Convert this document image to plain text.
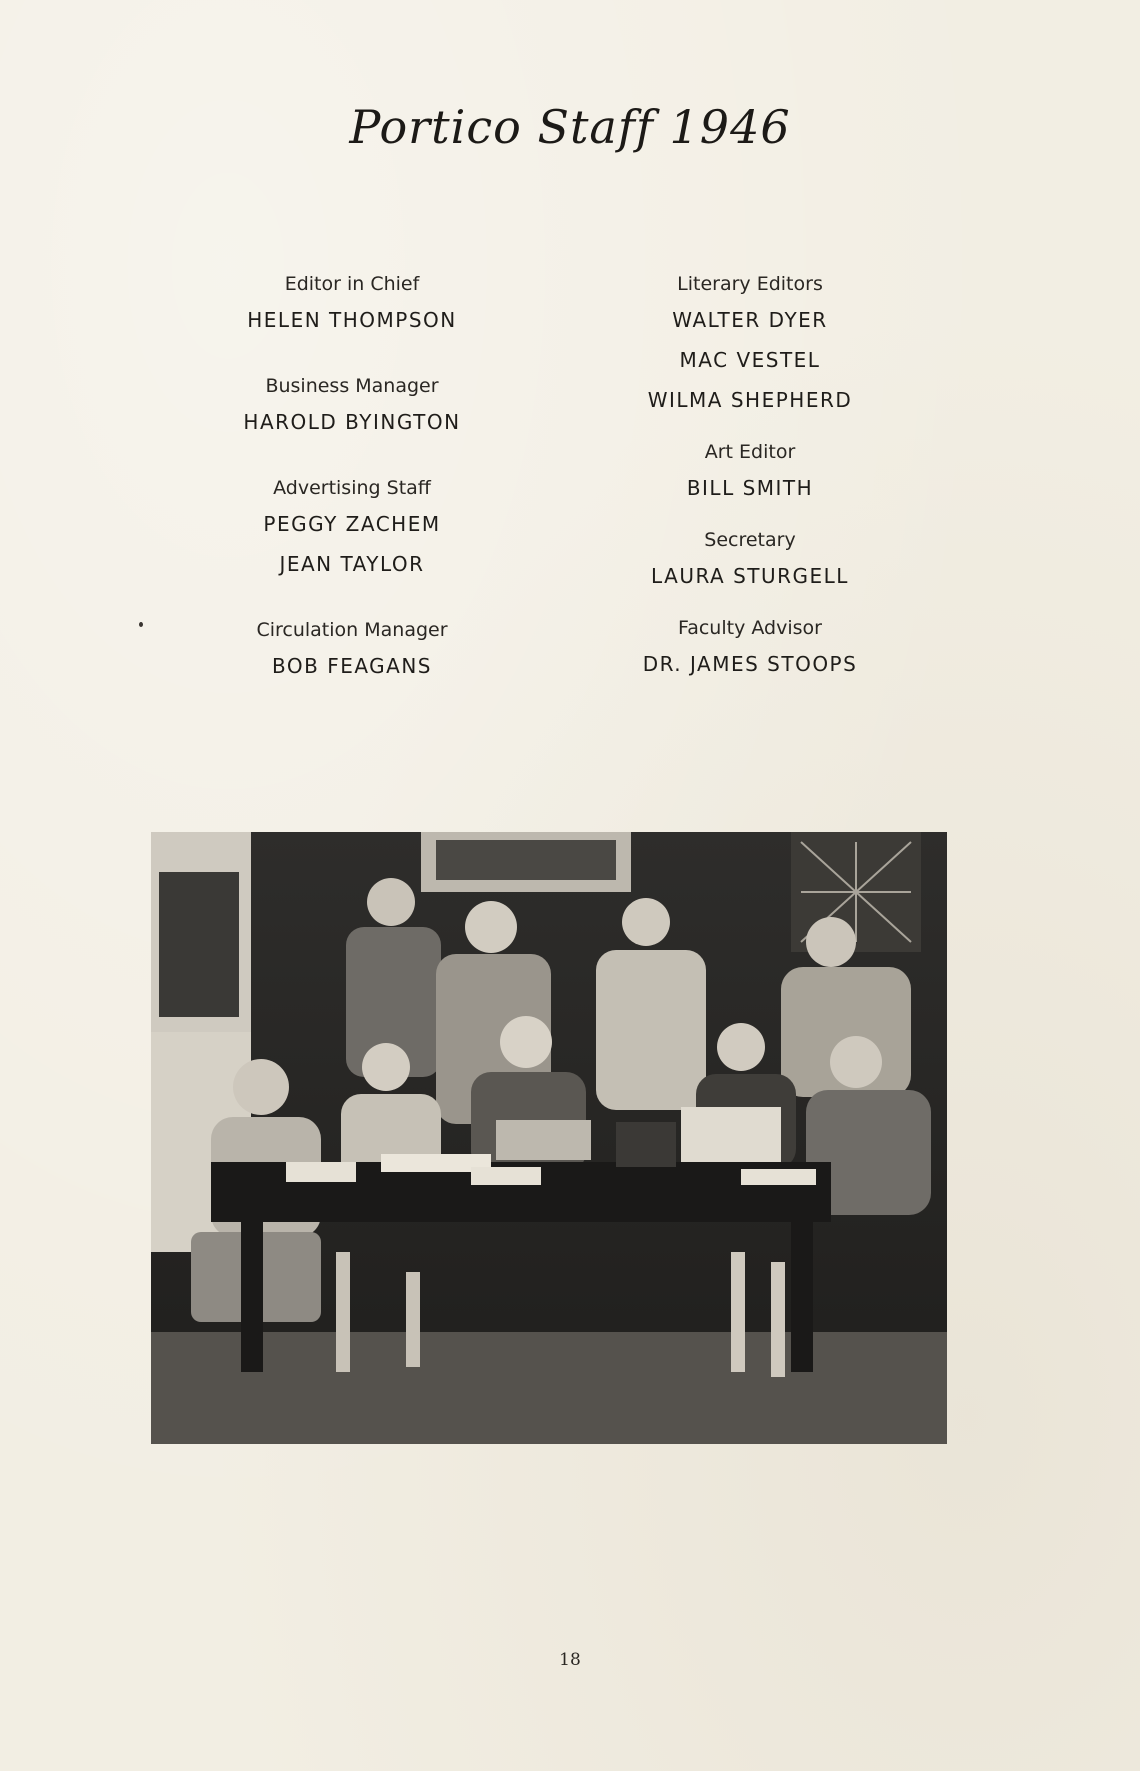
Portico Staff 1946
Editor in Chief
HELEN THOMPSON
Business Manager
HAROLD BYINGTON
Advertising Staff
PEGGY ZACHEM
JEAN TAYLOR
Circulation Manager
BOB FEAGANS
Literary Editors
WALTER DYER
MAC VESTEL
WILMA SHEPHERD
Art Editor
BILL SMITH
Secretary
LAURA STURGELL
Faculty Advisor
DR. JAMES STOOPS
18
